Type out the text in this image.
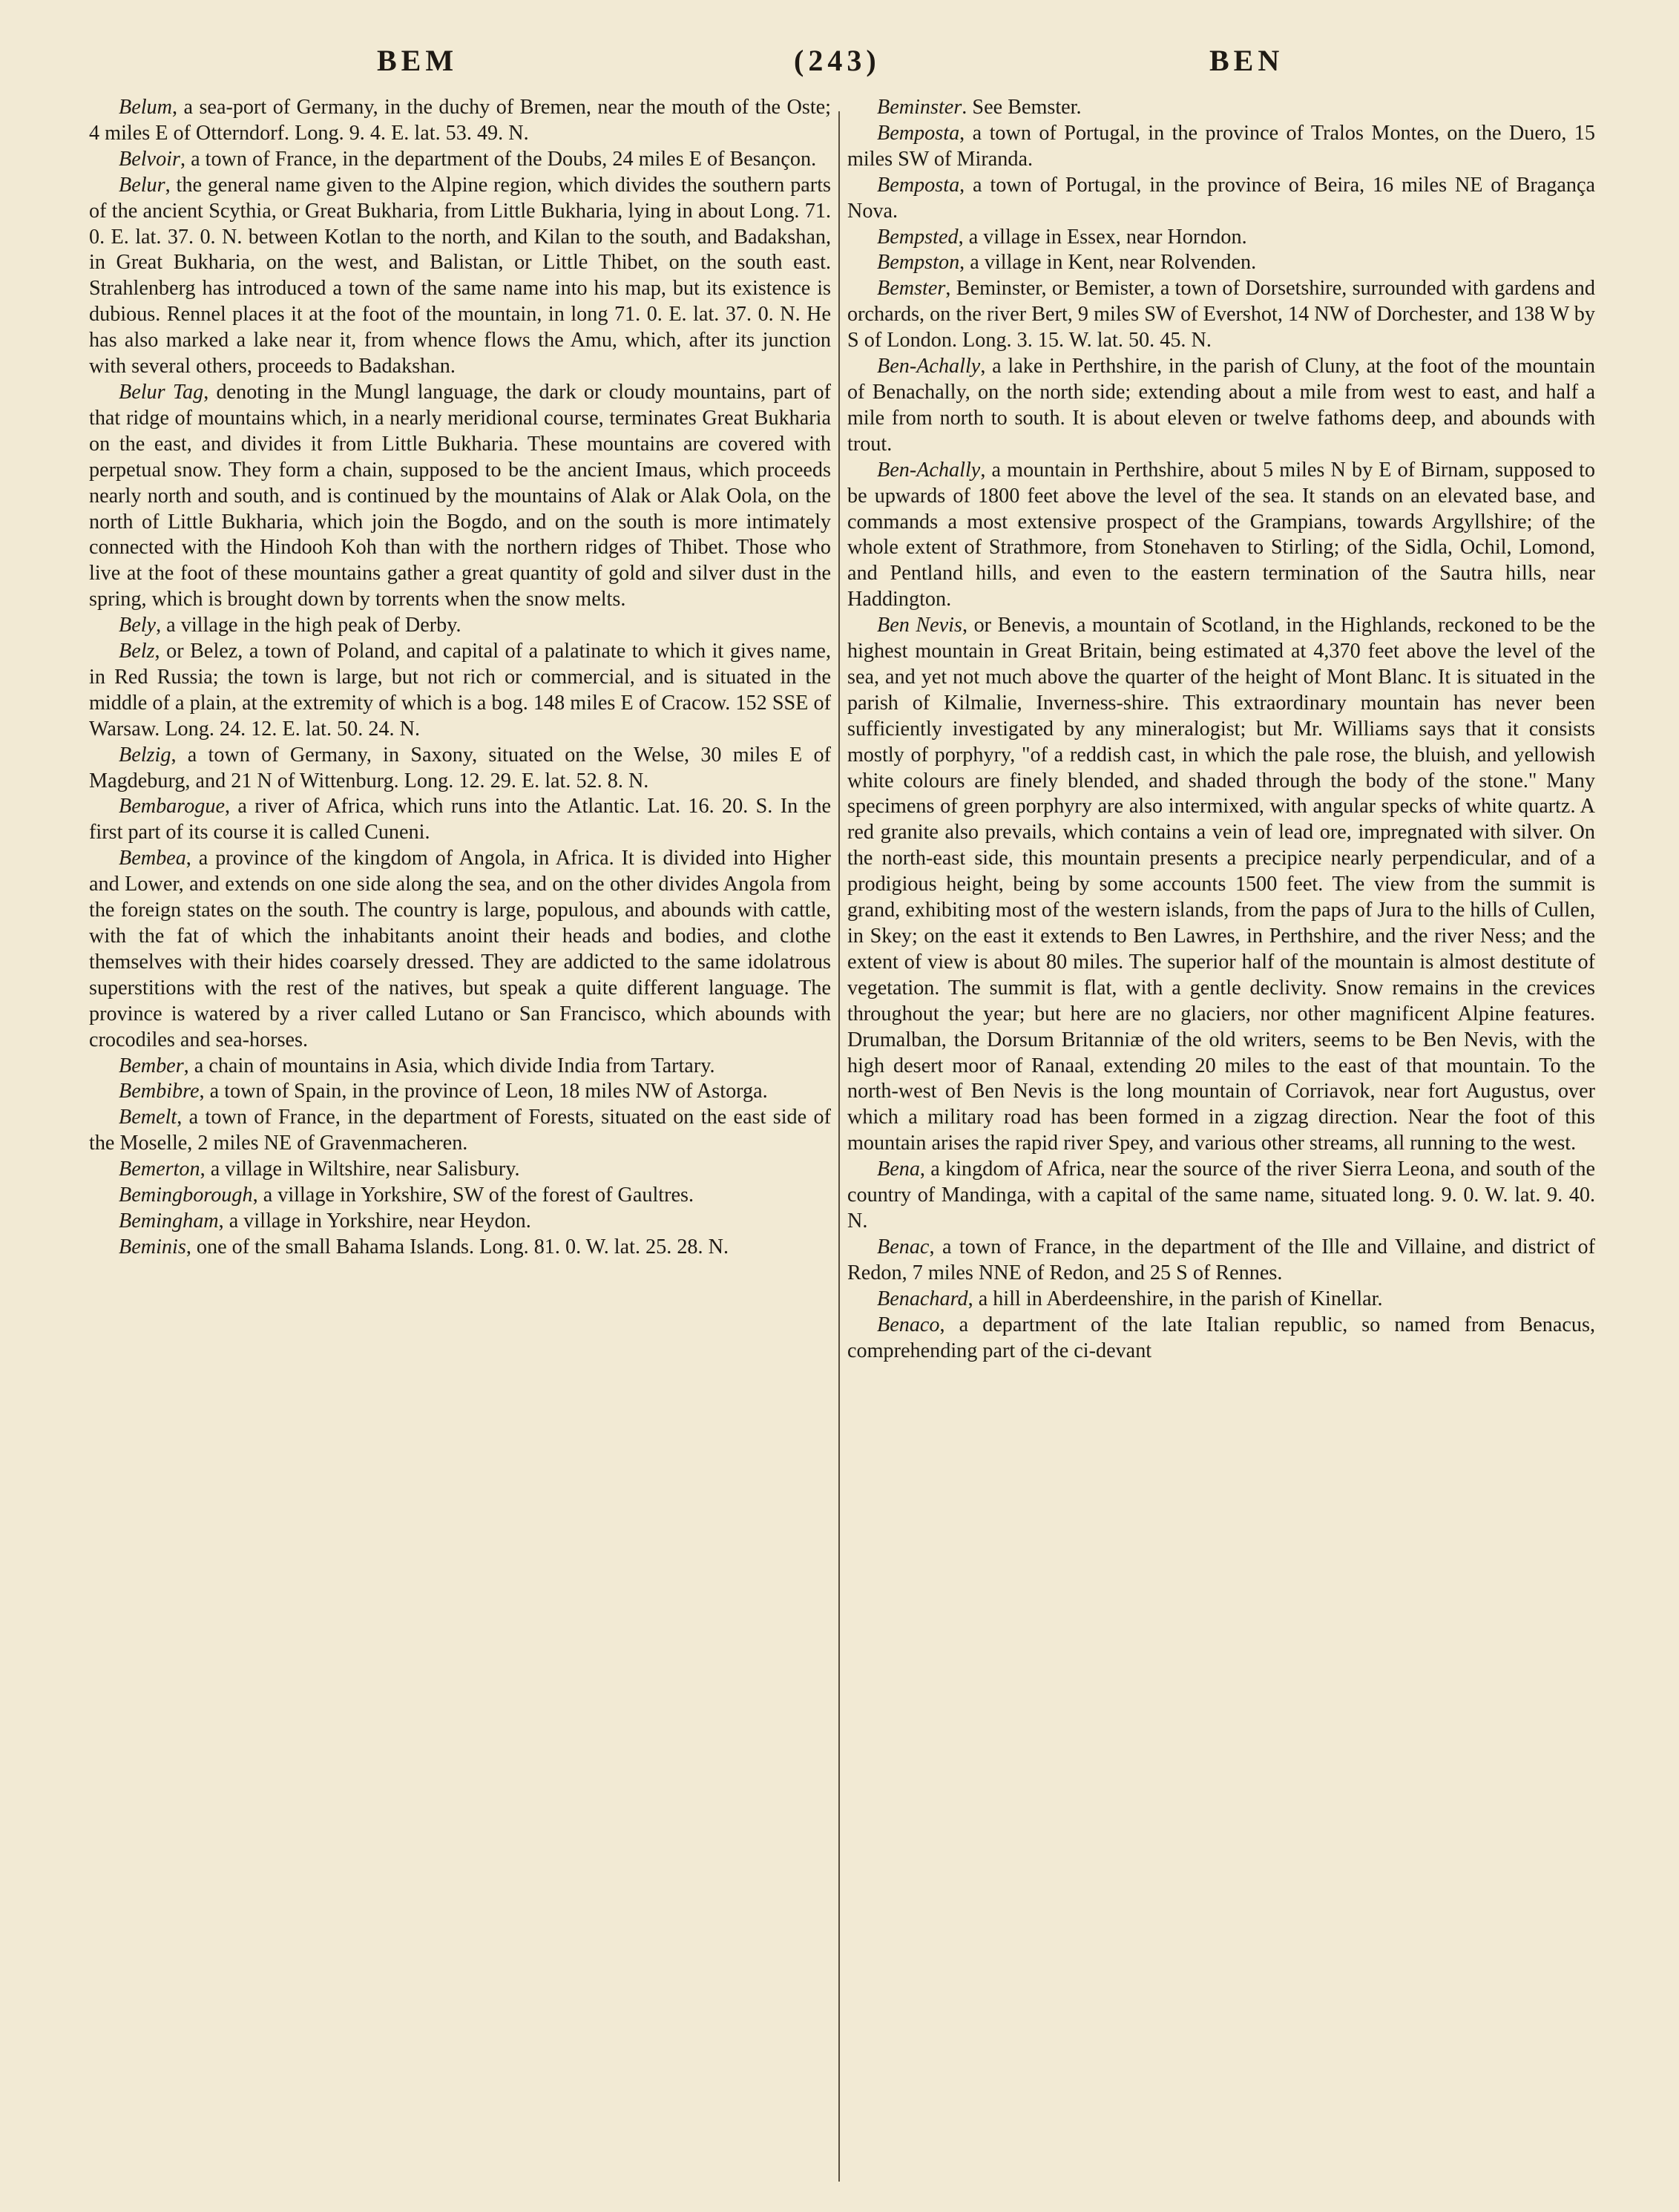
BEM	(243)	BEN

Belum, a sea-port of Germany, in the duchy of Bremen, near the mouth of the Oste; 4 miles E of Otterndorf. Long. 9. 4. E. lat. 53. 49. N.

Belvoir, a town of France, in the department of the Doubs, 24 miles E of Besançon.

Belur, the general name given to the Alpine region, which divides the southern parts of the ancient Scythia, or Great Bukharia, from Little Bukharia, lying in about Long. 71. 0. E. lat. 37. 0. N. between Kotlan to the north, and Kilan to the south, and Badakshan, in Great Bukharia, on the west, and Balistan, or Little Thibet, on the south east. Strahlenberg has introduced a town of the same name into his map, but its existence is dubious. Rennel places it at the foot of the mountain, in long 71. 0. E. lat. 37. 0. N. He has also marked a lake near it, from whence flows the Amu, which, after its junction with several others, proceeds to Badakshan.

Belur Tag, denoting in the Mungl language, the dark or cloudy mountains, part of that ridge of mountains which, in a nearly meridional course, terminates Great Bukharia on the east, and divides it from Little Bukharia. These mountains are covered with perpetual snow. They form a chain, supposed to be the ancient Imaus, which proceeds nearly north and south, and is continued by the mountains of Alak or Alak Oola, on the north of Little Bukharia, which join the Bogdo, and on the south is more intimately connected with the Hindooh Koh than with the northern ridges of Thibet. Those who live at the foot of these mountains gather a great quantity of gold and silver dust in the spring, which is brought down by torrents when the snow melts.

Bely, a village in the high peak of Derby.

Belz, or Belez, a town of Poland, and capital of a palatinate to which it gives name, in Red Russia; the town is large, but not rich or commercial, and is situated in the middle of a plain, at the extremity of which is a bog. 148 miles E of Cracow. 152 SSE of Warsaw. Long. 24. 12. E. lat. 50. 24. N.

Belzig, a town of Germany, in Saxony, situated on the Welse, 30 miles E of Magdeburg, and 21 N of Wittenburg. Long. 12. 29. E. lat. 52. 8. N.

Bembarogue, a river of Africa, which runs into the Atlantic. Lat. 16. 20. S. In the first part of its course it is called Cuneni.

Bembea, a province of the kingdom of Angola, in Africa. It is divided into Higher and Lower, and extends on one side along the sea, and on the other divides Angola from the foreign states on the south. The country is large, populous, and abounds with cattle, with the fat of which the inhabitants anoint their heads and bodies, and clothe themselves with their hides coarsely dressed. They are addicted to the same idolatrous superstitions with the rest of the natives, but speak a quite different language. The province is watered by a river called Lutano or San Francisco, which abounds with crocodiles and sea-horses.

Bember, a chain of mountains in Asia, which divide India from Tartary.

Bembibre, a town of Spain, in the province of Leon, 18 miles NW of Astorga.

Bemelt, a town of France, in the department of Forests, situated on the east side of the Moselle, 2 miles NE of Gravenmacheren.

Bemerton, a village in Wiltshire, near Salisbury.

Bemingborough, a village in Yorkshire, SW of the forest of Gaultres.

Bemingham, a village in Yorkshire, near Heydon.

Beminis, one of the small Bahama Islands. Long. 81. 0. W. lat. 25. 28. N.

Beminster. See Bemster.

Bemposta, a town of Portugal, in the province of Tralos Montes, on the Duero, 15 miles SW of Miranda.

Bemposta, a town of Portugal, in the province of Beira, 16 miles NE of Bragança Nova.

Bempsted, a village in Essex, near Horndon.

Bempston, a village in Kent, near Rolvenden.

Bemster, Beminster, or Bemister, a town of Dorsetshire, surrounded with gardens and orchards, on the river Bert, 9 miles SW of Evershot, 14 NW of Dorchester, and 138 W by S of London. Long. 3. 15. W. lat. 50. 45. N.

Ben-Achally, a lake in Perthshire, in the parish of Cluny, at the foot of the mountain of Benachally, on the north side; extending about a mile from west to east, and half a mile from north to south. It is about eleven or twelve fathoms deep, and abounds with trout.

Ben-Achally, a mountain in Perthshire, about 5 miles N by E of Birnam, supposed to be upwards of 1800 feet above the level of the sea. It stands on an elevated base, and commands a most extensive prospect of the Grampians, towards Argyllshire; of the whole extent of Strathmore, from Stonehaven to Stirling; of the Sidla, Ochil, Lomond, and Pentland hills, and even to the eastern termination of the Sautra hills, near Haddington.

Ben Nevis, or Benevis, a mountain of Scotland, in the Highlands, reckoned to be the highest mountain in Great Britain, being estimated at 4,370 feet above the level of the sea, and yet not much above the quarter of the height of Mont Blanc. It is situated in the parish of Kilmalie, Inverness-shire. This extraordinary mountain has never been sufficiently investigated by any mineralogist; but Mr. Williams says that it consists mostly of porphyry, "of a reddish cast, in which the pale rose, the bluish, and yellowish white colours are finely blended, and shaded through the body of the stone." Many specimens of green porphyry are also intermixed, with angular specks of white quartz. A red granite also prevails, which contains a vein of lead ore, impregnated with silver. On the north-east side, this mountain presents a precipice nearly perpendicular, and of a prodigious height, being by some accounts 1500 feet. The view from the summit is grand, exhibiting most of the western islands, from the paps of Jura to the hills of Cullen, in Skey; on the east it extends to Ben Lawres, in Perthshire, and the river Ness; and the extent of view is about 80 miles. The superior half of the mountain is almost destitute of vegetation. The summit is flat, with a gentle declivity. Snow remains in the crevices throughout the year; but here are no glaciers, nor other magnificent Alpine features. Drumalban, the Dorsum Britanniæ of the old writers, seems to be Ben Nevis, with the high desert moor of Ranaal, extending 20 miles to the east of that mountain. To the north-west of Ben Nevis is the long mountain of Corriavok, near fort Augustus, over which a military road has been formed in a zigzag direction. Near the foot of this mountain arises the rapid river Spey, and various other streams, all running to the west.

Bena, a kingdom of Africa, near the source of the river Sierra Leona, and south of the country of Mandinga, with a capital of the same name, situated long. 9. 0. W. lat. 9. 40. N.

Benac, a town of France, in the department of the Ille and Villaine, and district of Redon, 7 miles NNE of Redon, and 25 S of Rennes.

Benachard, a hill in Aberdeenshire, in the parish of Kinellar.

Benaco, a department of the late Italian republic, so named from Benacus, comprehending part of the ci-devant
